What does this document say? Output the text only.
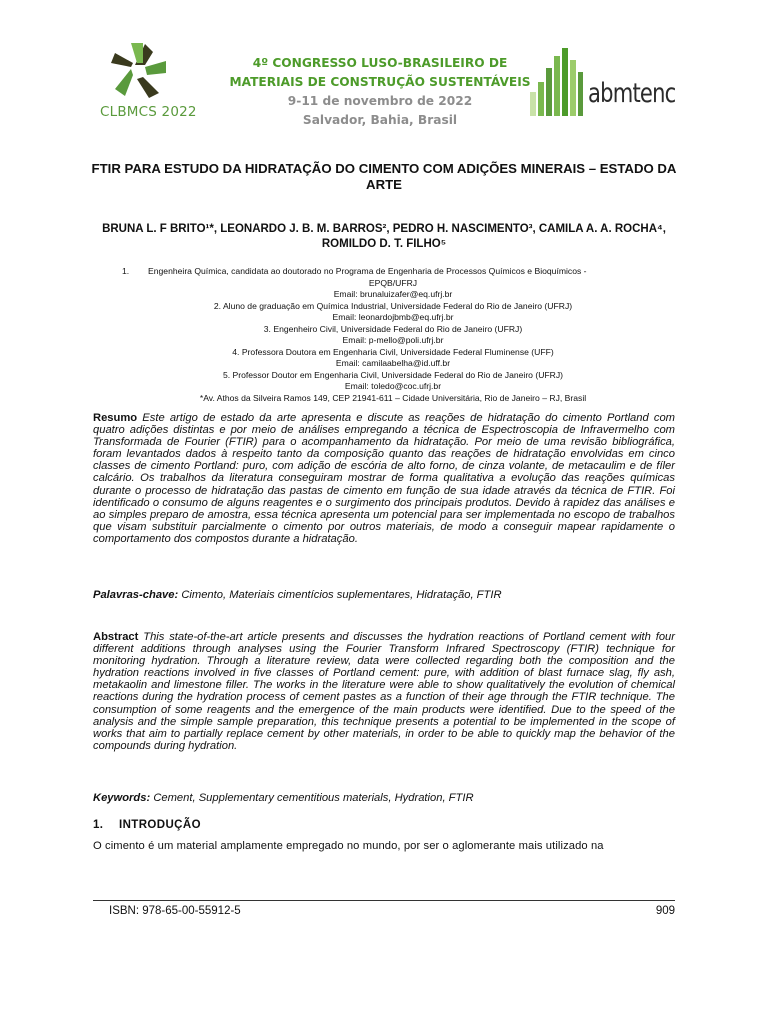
CLBMCS 2022
4º CONGRESSO LUSO-BRASILEIRO DE
MATERIAIS DE CONSTRUÇÃO SUSTENTÁVEIS
9-11 de novembro de 2022
Salvador, Bahia, Brasil
abmtenc
FTIR PARA ESTUDO DA HIDRATAÇÃO DO CIMENTO COM ADIÇÕES MINERAIS – ESTADO DA ARTE
BRUNA L. F BRITO¹*, LEONARDO J. B. M. BARROS², PEDRO H. NASCIMENTO³, CAMILA A. A. ROCHA⁴, ROMILDO D. T. FILHO⁵
1.	Engenheira Química, candidata ao doutorado no Programa de Engenharia de Processos Químicos e Bioquímicos -
EPQB/UFRJ
Email: brunaluizafer@eq.ufrj.br
2. Aluno de graduação em Química Industrial, Universidade Federal do Rio de Janeiro (UFRJ)
Email: leonardojbmb@eq.ufrj.br
3. Engenheiro Civil, Universidade Federal do Rio de Janeiro (UFRJ)
Email: p-mello@poli.ufrj.br
4. Professora Doutora em Engenharia Civil, Universidade Federal Fluminense (UFF)
Email: camilaabelha@id.uff.br
5. Professor Doutor em Engenharia Civil, Universidade Federal do Rio de Janeiro (UFRJ)
Email: toledo@coc.ufrj.br
*Av. Athos da Silveira Ramos 149, CEP 21941-611 – Cidade Universitária, Rio de Janeiro – RJ, Brasil
Resumo Este artigo de estado da arte apresenta e discute as reações de hidratação do cimento Portland com quatro adições distintas e por meio de análises empregando a técnica de Espectroscopia de Infravermelho com Transformada de Fourier (FTIR) para o acompanhamento da hidratação. Por meio de uma revisão bibliográfica, foram levantados dados à respeito tanto da composição quanto das reações de hidratação envolvidas em cinco classes de cimento Portland: puro, com adição de escória de alto forno, de cinza volante, de metacaulim e de fíler calcário. Os trabalhos da literatura conseguiram mostrar de forma qualitativa a evolução das reações químicas durante o processo de hidratação das pastas de cimento em função de sua idade através da técnica de FTIR. Foi identificado o consumo de alguns reagentes e o surgimento dos principais produtos. Devido à rapidez das análises e ao simples preparo de amostra, essa técnica apresenta um potencial para ser implementada no escopo de trabalhos que visam substituir parcialmente o cimento por outros materiais, de modo a conseguir mapear rapidamente o comportamento dos compostos durante a hidratação.
Palavras-chave: Cimento, Materiais cimentícios suplementares, Hidratação, FTIR
Abstract This state-of-the-art article presents and discusses the hydration reactions of Portland cement with four different additions through analyses using the Fourier Transform Infrared Spectroscopy (FTIR) technique for monitoring hydration. Through a literature review, data were collected regarding both the composition and the hydration reactions involved in five classes of Portland cement: pure, with addition of blast furnace slag, fly ash, metakaolin and limestone filler. The works in the literature were able to show qualitatively the evolution of chemical reactions during the hydration process of cement pastes as a function of their age through the FTIR technique. The consumption of some reagents and the emergence of the main products were identified. Due to the speed of the analysis and the simple sample preparation, this technique presents a potential to be implemented in the scope of works that aim to partially replace cement by other materials, in order to be able to quickly map the behavior of the compounds during hydration.
Keywords: Cement, Supplementary cementitious materials, Hydration, FTIR
1. INTRODUÇÃO
O cimento é um material amplamente empregado no mundo, por ser o aglomerante mais utilizado na
ISBN: 978-65-00-55912-5	909
